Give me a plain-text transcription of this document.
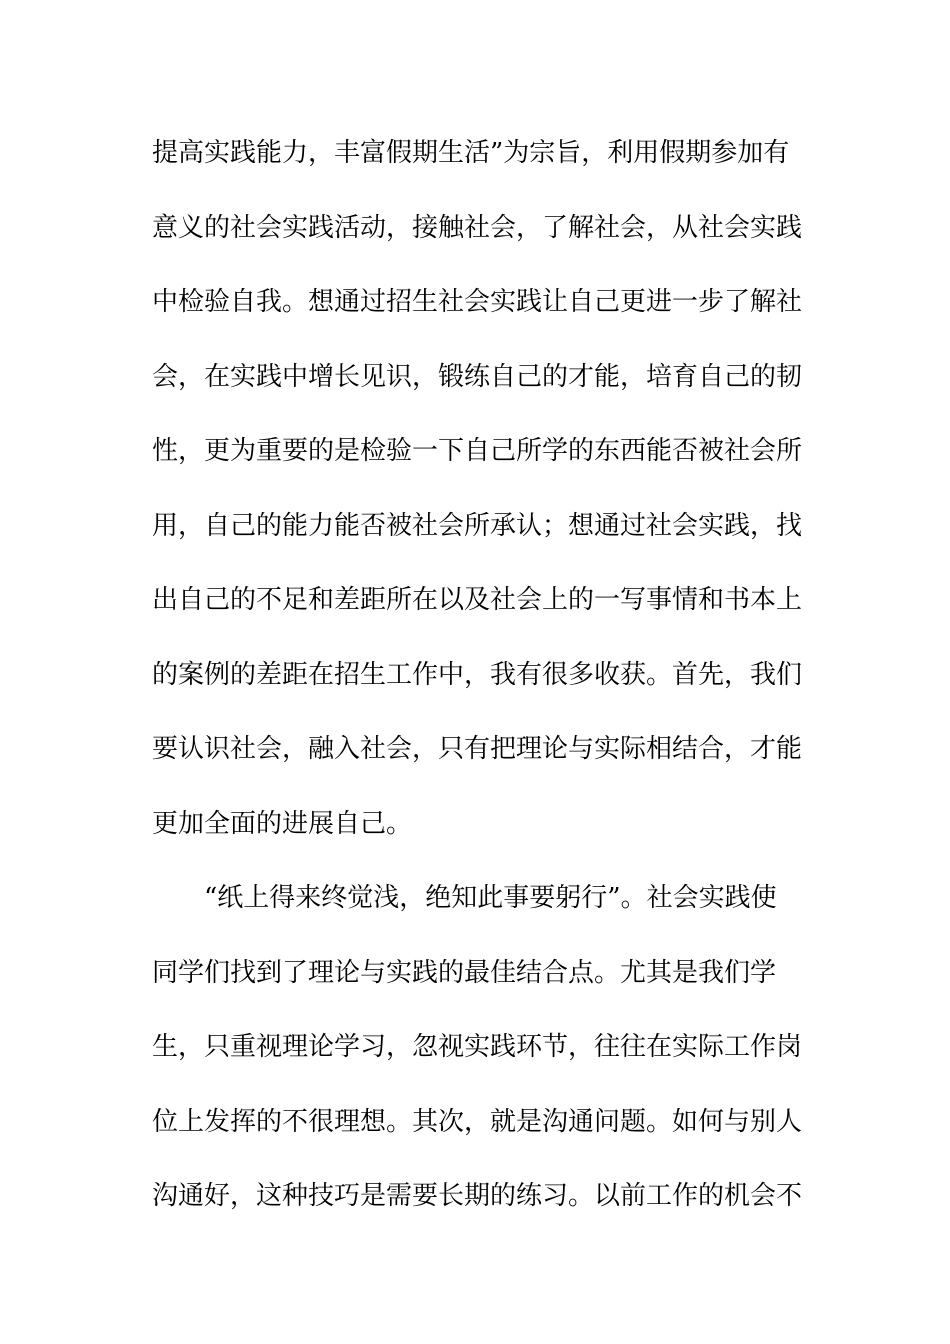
提高实践能力，丰富假期生活”为宗旨，利用假期参加有
意义的社会实践活动，接触社会，了解社会，从社会实践
中检验自我。想通过招生社会实践让自己更进一步了解社
会，在实践中增长见识，锻练自己的才能，培育自己的韧
性，更为重要的是检验一下自己所学的东西能否被社会所
用，自己的能力能否被社会所承认；想通过社会实践，找
出自己的不足和差距所在以及社会上的一写事情和书本上
的案例的差距在招生工作中，我有很多收获。首先，我们
要认识社会，融入社会，只有把理论与实际相结合，才能
更加全面的进展自己。
“纸上得来终觉浅，绝知此事要躬行”。社会实践使
同学们找到了理论与实践的最佳结合点。尤其是我们学
生，只重视理论学习，忽视实践环节，往往在实际工作岗
位上发挥的不很理想。其次，就是沟通问题。如何与别人
沟通好，这种技巧是需要长期的练习。以前工作的机会不
